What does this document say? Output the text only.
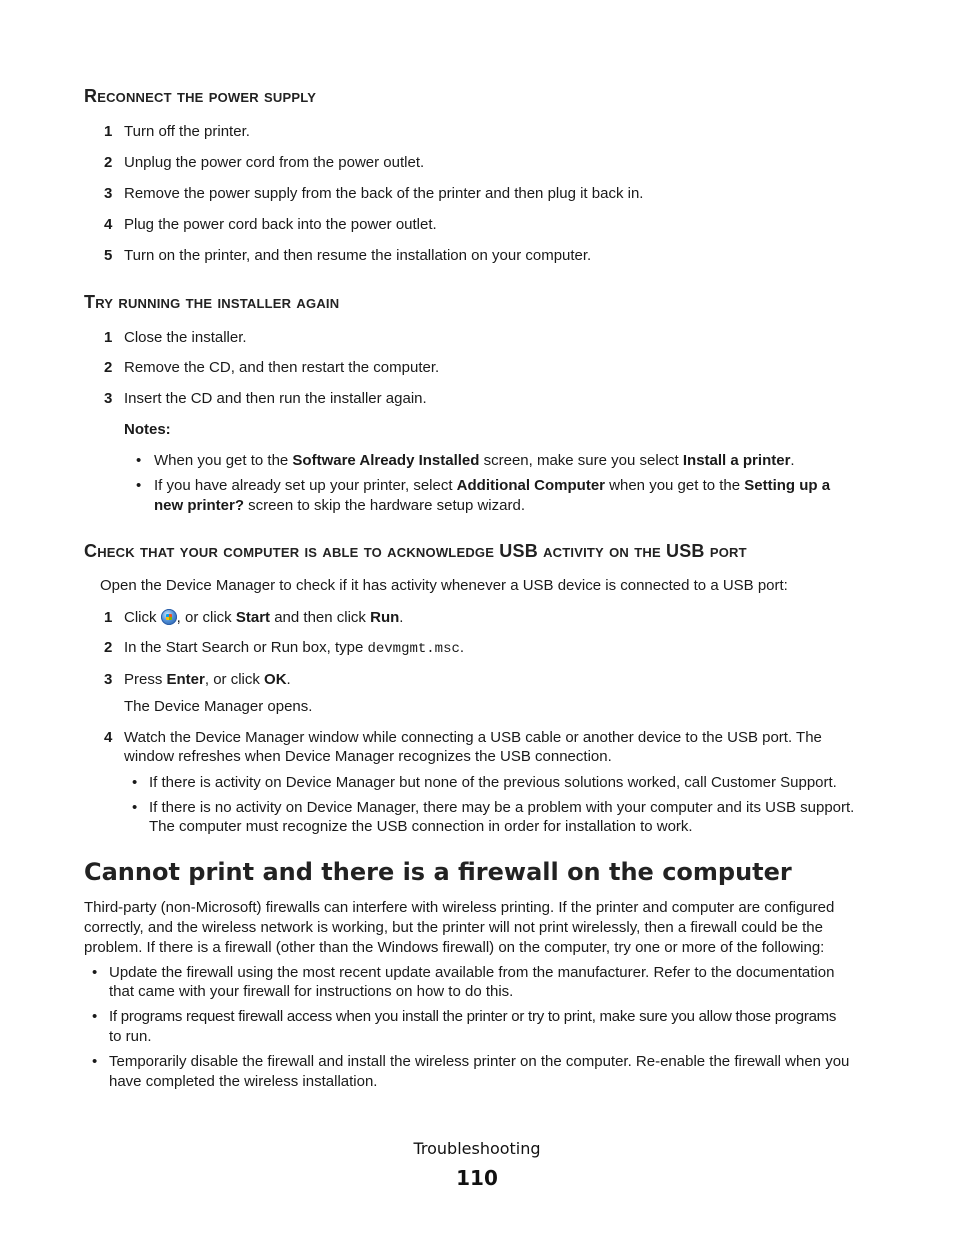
Reconnect the power supply
1 Turn off the printer.
2 Unplug the power cord from the power outlet.
3 Remove the power supply from the back of the printer and then plug it back in.
4 Plug the power cord back into the power outlet.
5 Turn on the printer, and then resume the installation on your computer.
Try running the installer again
1 Close the installer.
2 Remove the CD, and then restart the computer.
3 Insert the CD and then run the installer again.
Notes:
• When you get to the Software Already Installed screen, make sure you select Install a printer.
• If you have already set up your printer, select Additional Computer when you get to the Setting up a
new printer? screen to skip the hardware setup wizard.
Check that your computer is able to acknowledge USB activity on the USB port
Open the Device Manager to check if it has activity whenever a USB device is connected to a USB port:
1 Click , or click Start and then click Run.
2 In the Start Search or Run box, type devmgmt.msc.
3 Press Enter, or click OK.
The Device Manager opens.
4 Watch the Device Manager window while connecting a USB cable or another device to the USB port. The
window refreshes when Device Manager recognizes the USB connection.
• If there is activity on Device Manager but none of the previous solutions worked, call Customer Support.
• If there is no activity on Device Manager, there may be a problem with your computer and its USB support.
The computer must recognize the USB connection in order for installation to work.
Cannot print and there is a firewall on the computer
Third-party (non-Microsoft) firewalls can interfere with wireless printing. If the printer and computer are configured
correctly, and the wireless network is working, but the printer will not print wirelessly, then a firewall could be the
problem. If there is a firewall (other than the Windows firewall) on the computer, try one or more of the following:
• Update the firewall using the most recent update available from the manufacturer. Refer to the documentation
that came with your firewall for instructions on how to do this.
• If programs request firewall access when you install the printer or try to print, make sure you allow those programs
to run.
• Temporarily disable the firewall and install the wireless printer on the computer. Re-enable the firewall when you
have completed the wireless installation.
Troubleshooting
110
